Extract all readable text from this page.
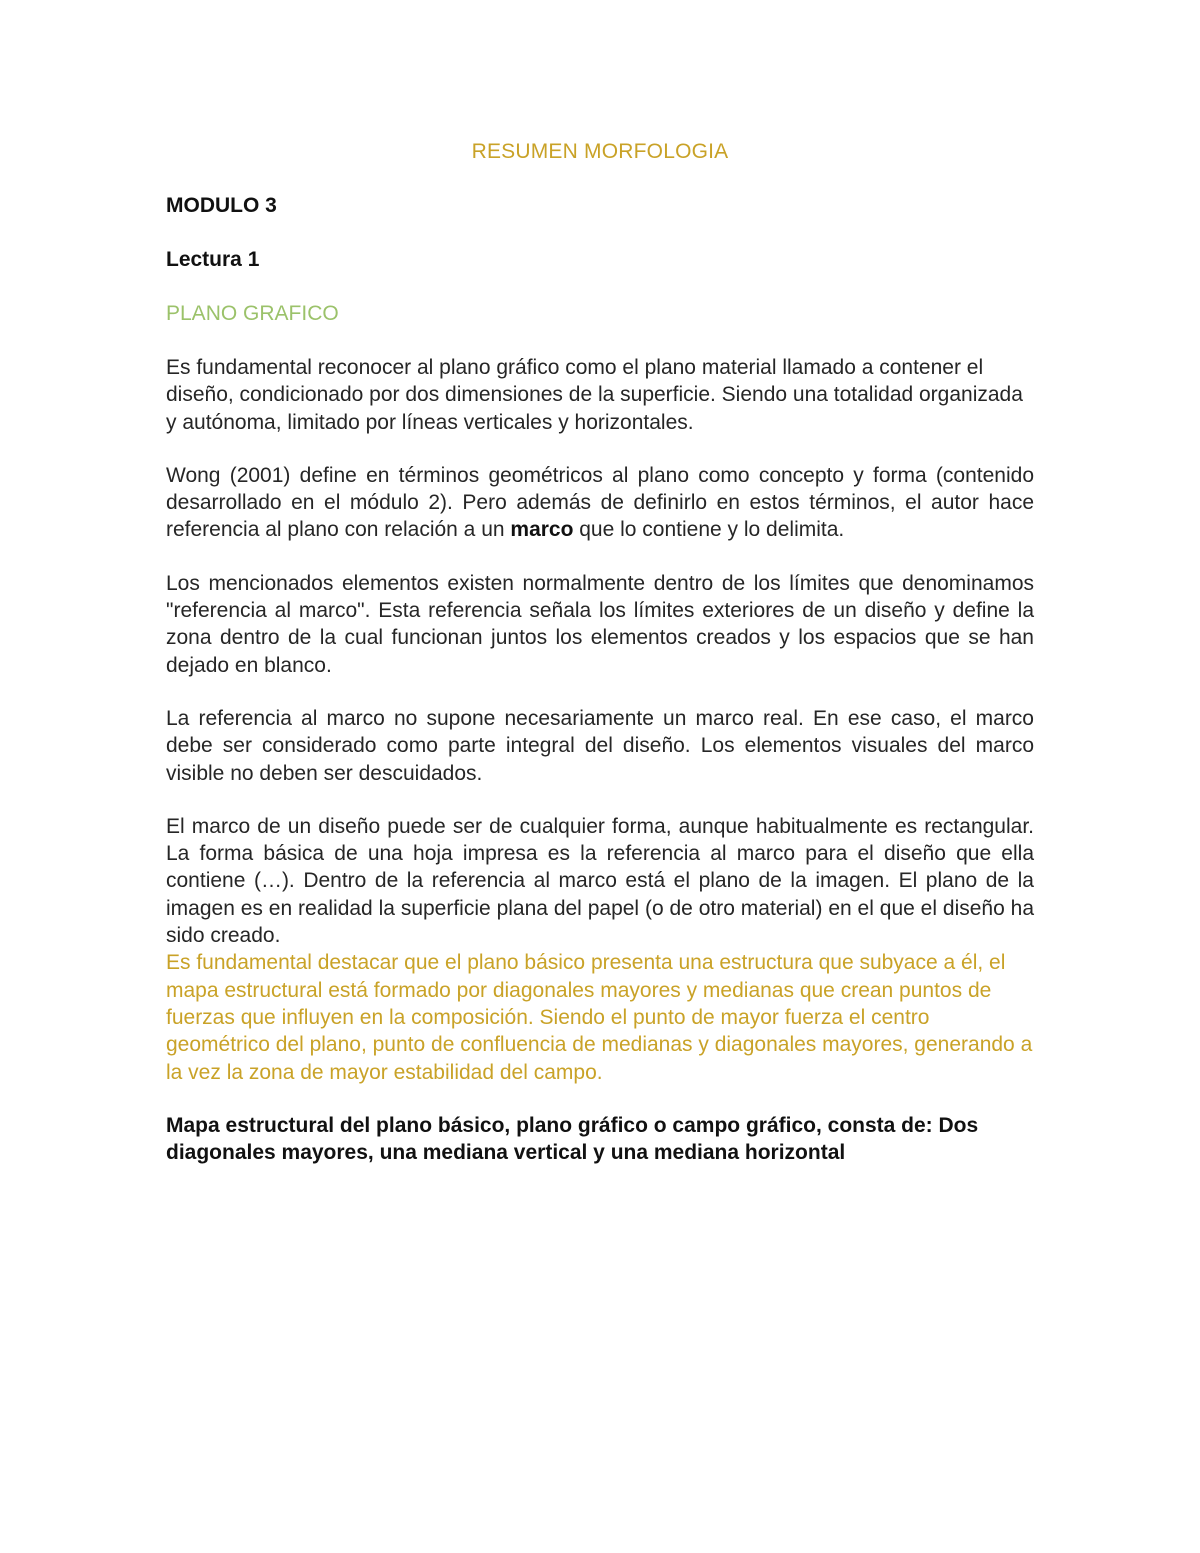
RESUMEN MORFOLOGIA
MODULO 3
Lectura 1
PLANO GRAFICO

Es fundamental reconocer al plano gráfico como el plano material llamado a contener el diseño, condicionado por dos dimensiones de la superficie. Siendo una totalidad organizada y autónoma, limitado por líneas verticales y horizontales.

Wong (2001) define en términos geométricos al plano como concepto y forma (contenido desarrollado en el módulo 2). Pero además de definirlo en estos términos, el autor hace referencia al plano con relación a un marco que lo contiene y lo delimita.

Los mencionados elementos existen normalmente dentro de los límites que denominamos "referencia al marco". Esta referencia señala los límites exteriores de un diseño y define la zona dentro de la cual funcionan juntos los elementos creados y los espacios que se han dejado en blanco.

La referencia al marco no supone necesariamente un marco real. En ese caso, el marco debe ser considerado como parte integral del diseño. Los elementos visuales del marco visible no deben ser descuidados.

El marco de un diseño puede ser de cualquier forma, aunque habitualmente es rectangular. La forma básica de una hoja impresa es la referencia al marco para el diseño que ella contiene (…). Dentro de la referencia al marco está el plano de la imagen. El plano de la imagen es en realidad la superficie plana del papel (o de otro material) en el que el diseño ha sido creado.

Es fundamental destacar que el plano básico presenta una estructura que subyace a él, el mapa estructural está formado por diagonales mayores y medianas que crean puntos de fuerzas que influyen en la composición. Siendo el punto de mayor fuerza el centro geométrico del plano, punto de confluencia de medianas y diagonales mayores, generando a la vez la zona de mayor estabilidad del campo.

Mapa estructural del plano básico, plano gráfico o campo gráfico, consta de: Dos diagonales mayores, una mediana vertical y una mediana horizontal
